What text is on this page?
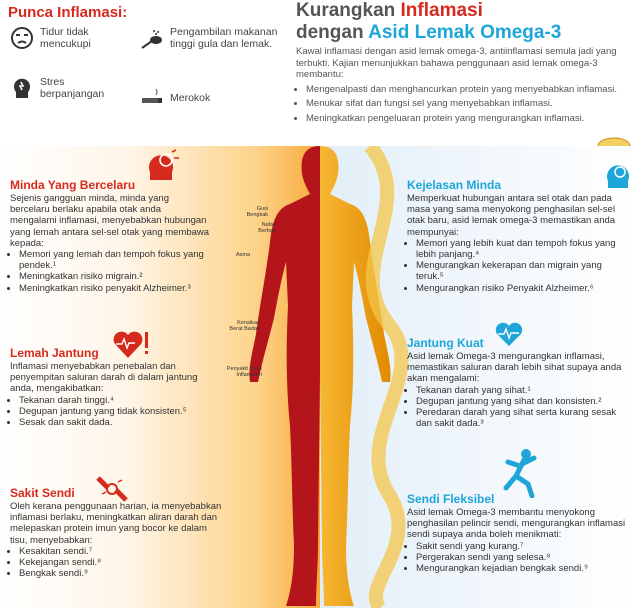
Punca Inflamasi:
Tidur tidak mencukupi
Pengambilan makanan tinggi gula dan lemak.
Stres berpanjangan	Merokok
Kurangkan Inflamasi
dengan Asid Lemak Omega-3
Kawal inflamasi dengan asid lemak omega-3, antiinflamasi semula jadi yang terbukti. Kajian menunjukkan bahawa penggunaan asid lemak omega-3 membantu:
• Mengenalpasti dan menghancurkan protein yang menyebabkan inflamasi.
• Menukar sifat dan fungsi sel yang menyebabkan inflamasi.
• Meningkatkan pengeluaran protein yang mengurangkan inflamasi.
Gusi Bengkak
Nafas Berbau
Asma
Kenaikan Berat Badan
Penyakit Usus Inflamatori
Minda Yang Bercelaru
Sejenis gangguan minda, minda yang bercelaru berlaku apabila otak anda mengalami inflamasi, menyebabkan hubungan yang lemah antara sel-sel otak yang membawa kepada:
• Memori yang lemah dan tempoh fokus yang pendek.¹
• Meningkatkan risiko migrain.²
• Meningkatkan risiko penyakit Alzheimer.³
Lemah Jantung
Inflamasi menyebabkan penebalan dan penyempitan saluran darah di dalam jantung anda, mengakibatkan:
• Tekanan darah tinggi.⁴
• Degupan jantung yang tidak konsisten.⁵
• Sesak dan sakit dada.
Sakit Sendi
Oleh kerana penggunaan harian, ia menyebabkan inflamasi berlaku, meningkatkan aliran darah dan melepaskan protein imun yang bocor ke dalam tisu, menyebabkan:
• Kesakitan sendi.⁷
• Kekejangan sendi.⁸
• Bengkak sendi.⁹
Kejelasan Minda
Memperkuat hubungan antara sel otak dan pada masa yang sama menyokong penghasilan sel-sel otak baru, asid lemak omega-3 memastikan anda mempunyai:
• Memori yang lebih kuat dan tempoh fokus yang lebih panjang.⁴
• Mengurangkan kekerapan dan migrain yang teruk.⁵
• Mengurangkan risiko Penyakit Alzheimer.⁶
Jantung Kuat
Asid lemak Omega-3 mengurangkan inflamasi, memastikan saluran darah lebih sihat supaya anda akan mengalami:
• Tekanan darah yang sihat.¹
• Degupan jantung yang sihat dan konsisten.²
• Peredaran darah yang sihat serta kurang sesak dan sakit dada.³
Sendi Fleksibel
Asid lemak Omega-3 membantu menyokong penghasilan pelincir sendi, mengurangkan inflamasi sendi supaya anda boleh menikmati:
• Sakit sendi yang kurang.⁷
• Pergerakan sendi yang selesa.⁸
• Mengurangkan kejadian bengkak sendi.⁹
